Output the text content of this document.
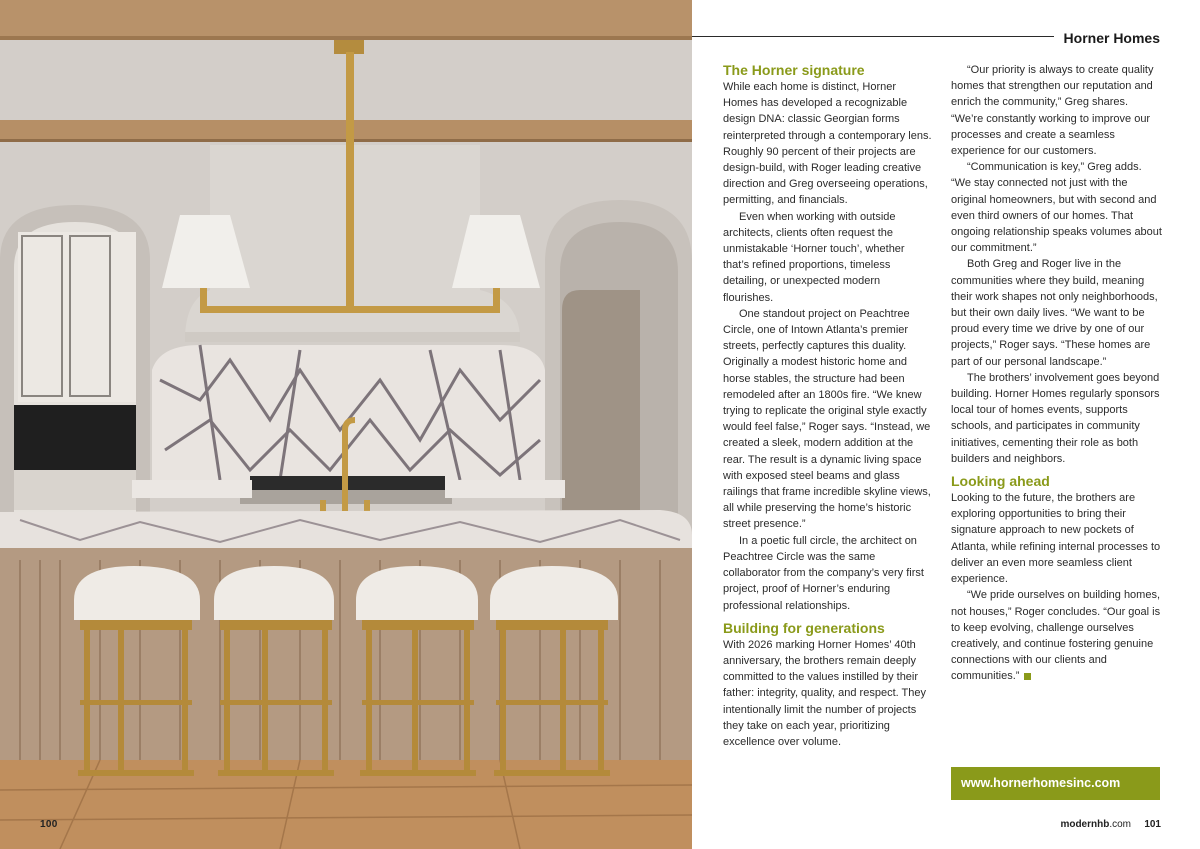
100
Horner Homes
The Horner signature

While each home is distinct, Horner Homes has developed a recognizable design DNA: classic Georgian forms reinterpreted through a contemporary lens. Roughly 90 percent of their projects are design-build, with Roger leading creative direction and Greg overseeing operations, permitting, and financials.

Even when working with outside architects, clients often request the unmistakable ‘Horner touch’, whether that’s refined proportions, timeless detailing, or unexpected modern flourishes.

One standout project on Peachtree Circle, one of Intown Atlanta’s premier streets, perfectly captures this duality. Originally a modest historic home and horse stables, the structure had been remodeled after an 1800s fire. “We knew trying to replicate the original style exactly would feel false,” Roger says. “Instead, we created a sleek, modern addition at the rear. The result is a dynamic living space with exposed steel beams and glass railings that frame incredible skyline views, all while preserving the home’s historic street presence.”

In a poetic full circle, the architect on Peachtree Circle was the same collaborator from the company’s very first project, proof of Horner’s enduring professional relationships.

Building for generations

With 2026 marking Horner Homes’ 40th anniversary, the brothers remain deeply committed to the values instilled by their father: integrity, quality, and respect. They intentionally limit the number of projects they take on each year, prioritizing excellence over volume.

“Our priority is always to create quality homes that strengthen our reputation and enrich the community,” Greg shares. “We’re constantly working to improve our processes and create a seamless experience for our customers.

“Communication is key,” Greg adds. “We stay connected not just with the original homeowners, but with second and even third owners of our homes. That ongoing relationship speaks volumes about our commitment.”

Both Greg and Roger live in the communities where they build, meaning their work shapes not only neighborhoods, but their own daily lives. “We want to be proud every time we drive by one of our projects,” Roger says. “These homes are part of our personal landscape.”

The brothers’ involvement goes beyond building. Horner Homes regularly sponsors local tour of homes events, supports schools, and participates in community initiatives, cementing their role as both builders and neighbors.

Looking ahead

Looking to the future, the brothers are exploring opportunities to bring their signature approach to new pockets of Atlanta, while refining internal processes to deliver an even more seamless client experience.

“We pride ourselves on building homes, not houses,” Roger concludes. “Our goal is to keep evolving, challenge ourselves creatively, and continue fostering genuine connections with our clients and communities.”

www.hornerhomesinc.com
modernhb.com 101
